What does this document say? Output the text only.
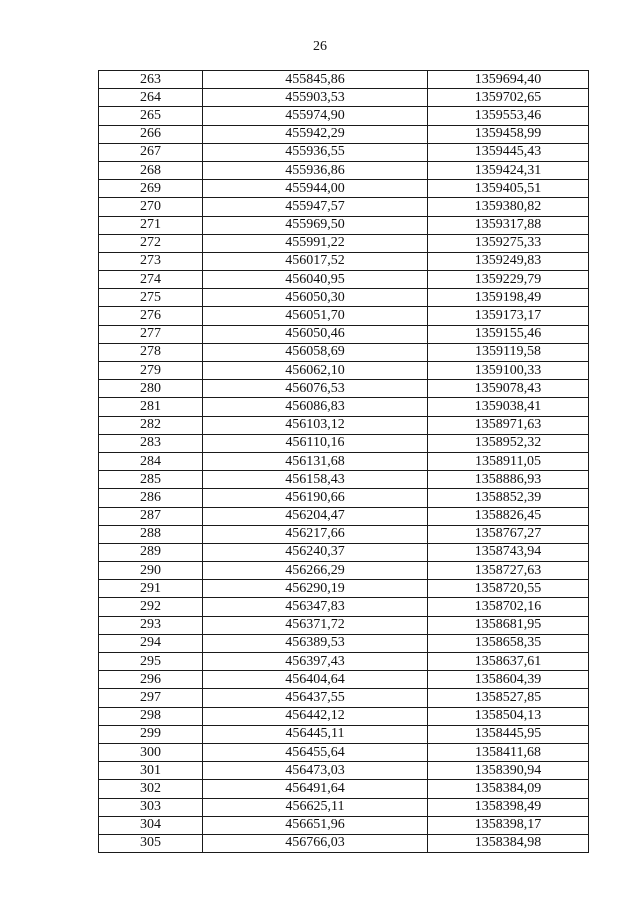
26
263	455845,86	1359694,40
264	455903,53	1359702,65
265	455974,90	1359553,46
266	455942,29	1359458,99
267	455936,55	1359445,43
268	455936,86	1359424,31
269	455944,00	1359405,51
270	455947,57	1359380,82
271	455969,50	1359317,88
272	455991,22	1359275,33
273	456017,52	1359249,83
274	456040,95	1359229,79
275	456050,30	1359198,49
276	456051,70	1359173,17
277	456050,46	1359155,46
278	456058,69	1359119,58
279	456062,10	1359100,33
280	456076,53	1359078,43
281	456086,83	1359038,41
282	456103,12	1358971,63
283	456110,16	1358952,32
284	456131,68	1358911,05
285	456158,43	1358886,93
286	456190,66	1358852,39
287	456204,47	1358826,45
288	456217,66	1358767,27
289	456240,37	1358743,94
290	456266,29	1358727,63
291	456290,19	1358720,55
292	456347,83	1358702,16
293	456371,72	1358681,95
294	456389,53	1358658,35
295	456397,43	1358637,61
296	456404,64	1358604,39
297	456437,55	1358527,85
298	456442,12	1358504,13
299	456445,11	1358445,95
300	456455,64	1358411,68
301	456473,03	1358390,94
302	456491,64	1358384,09
303	456625,11	1358398,49
304	456651,96	1358398,17
305	456766,03	1358384,98
